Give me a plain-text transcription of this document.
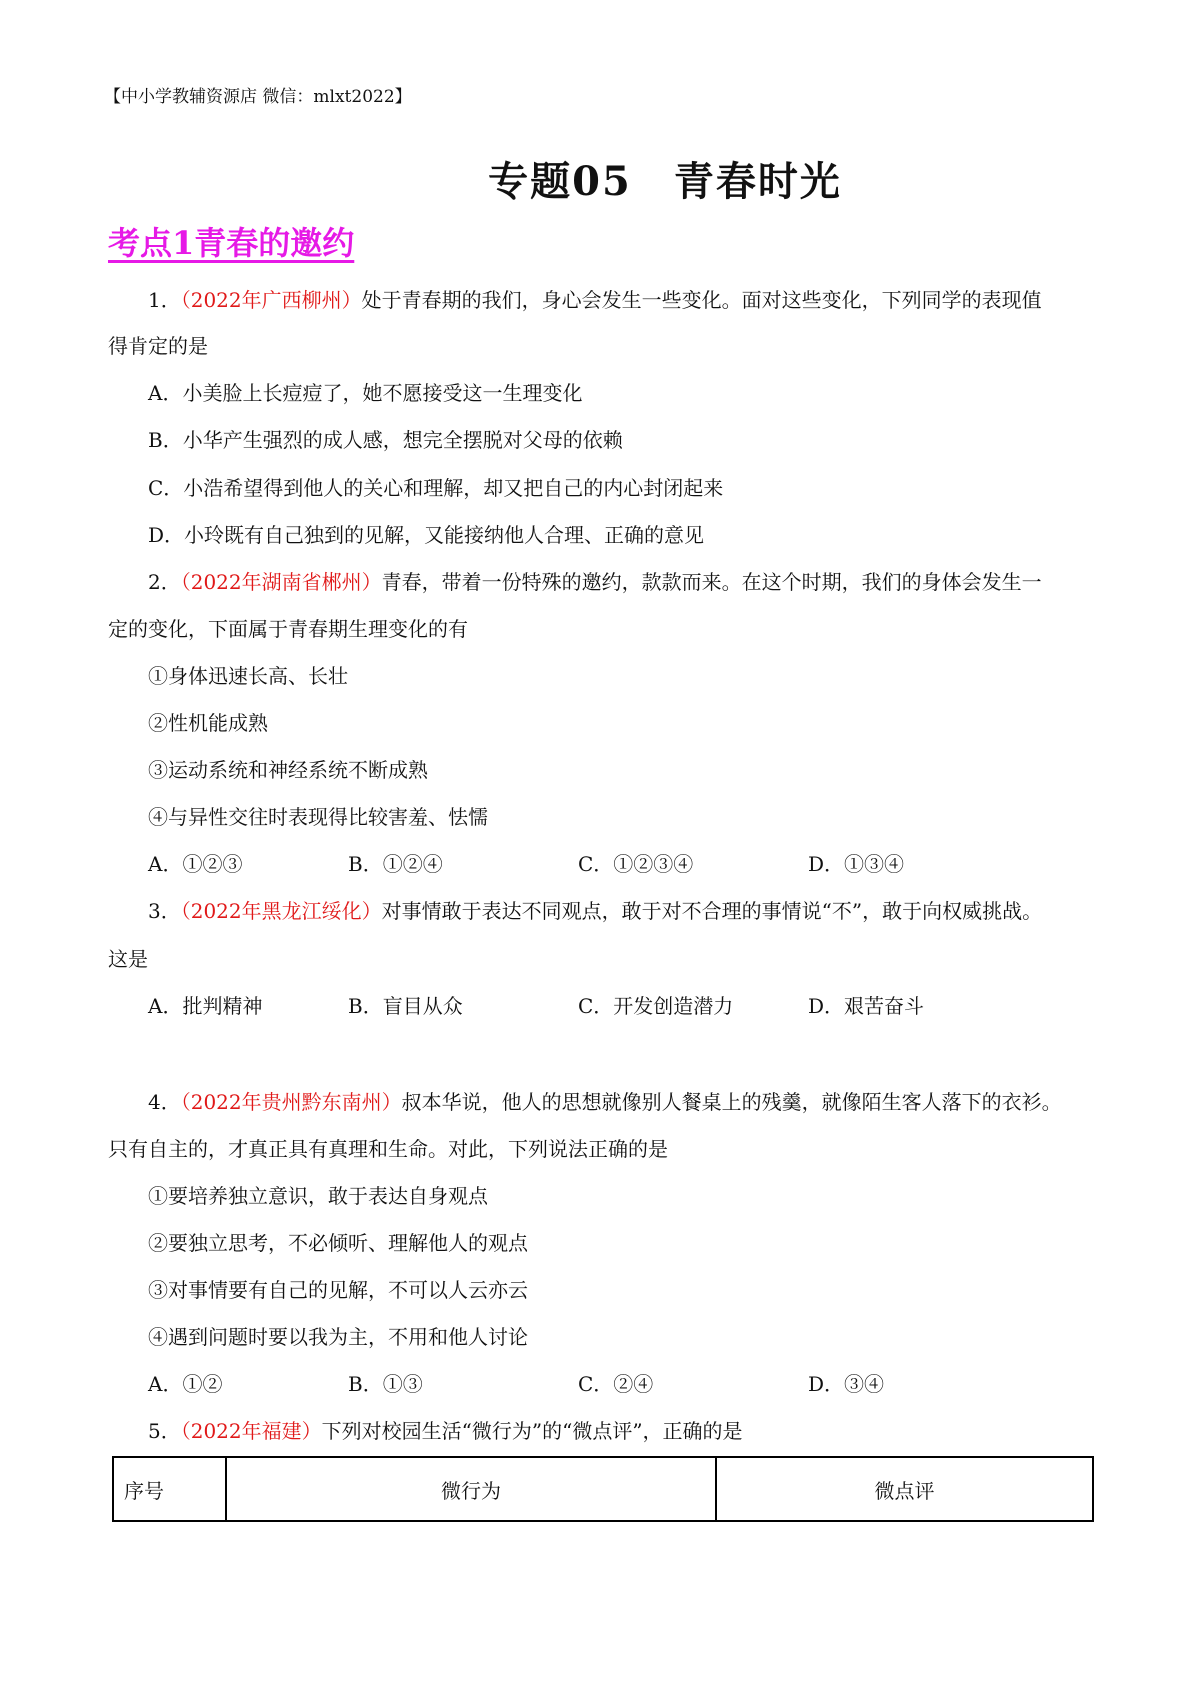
【中小学教辅资源店 微信：mlxt2022】
专题05　青春时光
考点1青春的邀约
1．（2022年广西柳州）处于青春期的我们，身心会发生一些变化。面对这些变化，下列同学的表现值
得肯定的是
A．小美脸上长痘痘了，她不愿接受这一生理变化
B．小华产生强烈的成人感，想完全摆脱对父母的依赖
C．小浩希望得到他人的关心和理解，却又把自己的内心封闭起来
D．小玲既有自己独到的见解，又能接纳他人合理、正确的意见
2．（2022年湖南省郴州）青春，带着一份特殊的邀约，款款而来。在这个时期，我们的身体会发生一
定的变化，下面属于青春期生理变化的有
①身体迅速长高、长壮
②性机能成熟
③运动系统和神经系统不断成熟
④与异性交往时表现得比较害羞、怯懦
A．①②③	B．①②④	C．①②③④	D．①③④
3．（2022年黑龙江绥化）对事情敢于表达不同观点，敢于对不合理的事情说“不”，敢于向权威挑战。
这是
A．批判精神	B．盲目从众	C．开发创造潜力	D．艰苦奋斗
4．（2022年贵州黔东南州）叔本华说，他人的思想就像别人餐桌上的残羹，就像陌生客人落下的衣衫。
只有自主的，才真正具有真理和生命。对此，下列说法正确的是
①要培养独立意识，敢于表达自身观点
②要独立思考，不必倾听、理解他人的观点
③对事情要有自己的见解，不可以人云亦云
④遇到问题时要以我为主，不用和他人讨论
A．①②	B．①③	C．②④	D．③④
5．（2022年福建）下列对校园生活“微行为”的“微点评”，正确的是
序号	微行为	微点评
